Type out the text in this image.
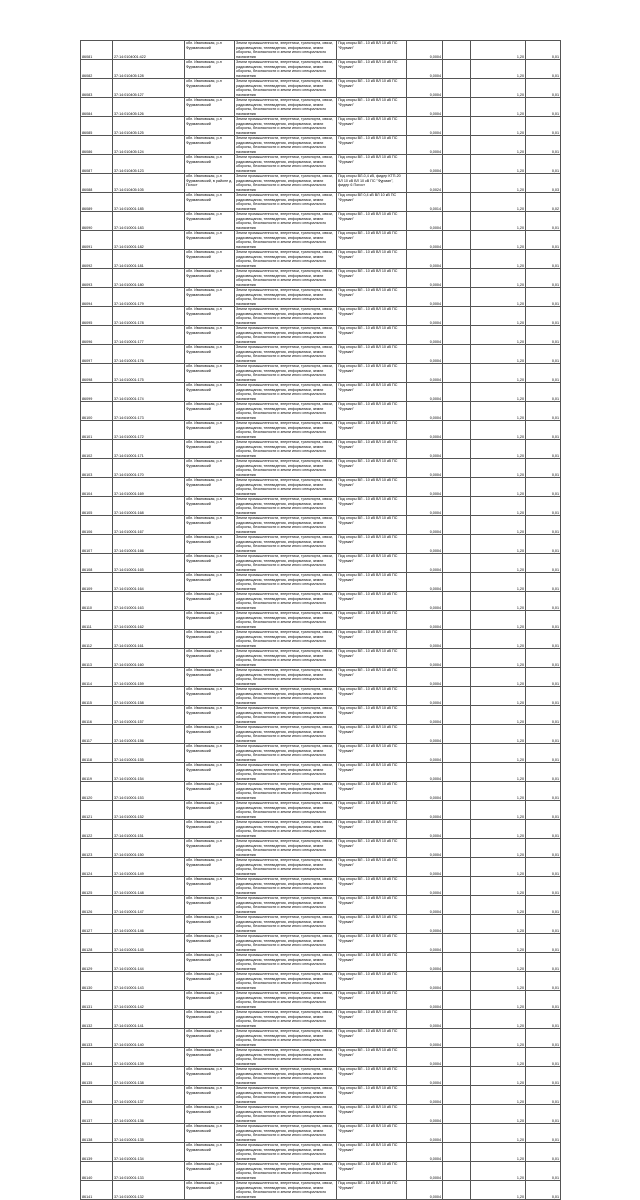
86081	27:14:0104001:422	обл. Ивановская, р-н Фурмановский	Земли промышленности, энергетики, транспорта, связи, радиовещания, телевидения, информатики, земли обороны, безопасности и земли иного специального назначения	Под опоры ВЛ - 10 кВ ВЛ 10 кВ ПС "Фурман"	0,0004		1,20	0,01
86082	37:14:010405:128	обл. Ивановская, р-н Фурмановский	Земли промышленности, энергетики, транспорта, связи, радиовещания, телевидения, информатики, земли обороны, безопасности и земли иного специального назначения	Под опоры ВЛ - 10 кВ ВЛ 10 кВ ПС "Фурман"	0,0004		1,20	0,01
86083	37:14:010405:127	обл. Ивановская, р-н Фурмановский	Земли промышленности, энергетики, транспорта, связи, радиовещания, телевидения, информатики, земли обороны, безопасности и земли иного специального назначения	Под опоры ВЛ - 10 кВ ВЛ 10 кВ ПС "Фурман"	0,0004		1,20	0,01
86084	37:14:010405:126	обл. Ивановская, р-н Фурмановский	Земли промышленности, энергетики, транспорта, связи, радиовещания, телевидения, информатики, земли обороны, безопасности и земли иного специального назначения	Под опоры ВЛ - 10 кВ ВЛ 10 кВ ПС "Фурман"	0,0004		1,20	0,01
86085	37:14:010405:125	обл. Ивановская, р-н Фурмановский	Земли промышленности, энергетики, транспорта, связи, радиовещания, телевидения, информатики, земли обороны, безопасности и земли иного специального назначения	Под опоры ВЛ - 10 кВ ВЛ 10 кВ ПС "Фурман"	0,0004		1,20	0,01
86086	37:14:010405:124	обл. Ивановская, р-н Фурмановский	Земли промышленности, энергетики, транспорта, связи, радиовещания, телевидения, информатики, земли обороны, безопасности и земли иного специального назначения	Под опоры ВЛ - 10 кВ ВЛ 10 кВ ПС "Фурман"	0,0004		1,20	0,01
86087	37:14:010405:123	обл. Ивановская, р-н Фурмановский	Земли промышленности, энергетики, транспорта, связи, радиовещания, телевидения, информатики, земли обороны, безопасности и земли иного специального назначения	Под опоры ВЛ - 10 кВ ВЛ 10 кВ ПС "Фурман"	0,0004		1,20	0,01
86088	37:14:010405:105	обл. Ивановская, р-н Фурмановский, в районе д. Погост	Земли промышленности, энергетики, транспорта, связи, радиовещания, телевидения, информатики, земли обороны, безопасности и земли иного специального назначения	Под опоры ВЛ-0,4 кВ, фидер КТП-20 ВЛ 10 кВ ВЛ 10 кВ ПС "Фурман", фидер 6 Погост	0,0024		1,20	0,03
86089	37:14:010001:185	обл. Ивановская, р-н Фурмановский	Земли промышленности, энергетики, транспорта, связи, радиовещания, телевидения, информатики, земли обороны, безопасности и земли иного специального назначения	Под опоры ВЛ 0,4 кВ ВЛ 10 кВ ПС "Фурман"	0,0014		1,20	0,02
86090	37:14:010001:183	обл. Ивановская, р-н Фурмановский	Земли промышленности, энергетики, транспорта, связи, радиовещания, телевидения, информатики, земли обороны, безопасности и земли иного специального назначения	Под опоры ВЛ - 10 кВ ВЛ 10 кВ ПС "Фурман"	0,0004		1,20	0,01
86091	37:14:010001:182	обл. Ивановская, р-н Фурмановский	Земли промышленности, энергетики, транспорта, связи, радиовещания, телевидения, информатики, земли обороны, безопасности и земли иного специального назначения	Под опоры ВЛ - 10 кВ ВЛ 10 кВ ПС "Фурман"	0,0004		1,20	0,01
86092	37:14:010001:181	обл. Ивановская, р-н Фурмановский	Земли промышленности, энергетики, транспорта, связи, радиовещания, телевидения, информатики, земли обороны, безопасности и земли иного специального назначения	Под опоры ВЛ - 10 кВ ВЛ 10 кВ ПС "Фурман"	0,0004		1,20	0,01
86093	37:14:010001:180	обл. Ивановская, р-н Фурмановский	Земли промышленности, энергетики, транспорта, связи, радиовещания, телевидения, информатики, земли обороны, безопасности и земли иного специального назначения	Под опоры ВЛ - 10 кВ ВЛ 10 кВ ПС "Фурман"	0,0004		1,20	0,01
86094	37:14:010001:179	обл. Ивановская, р-н Фурмановский	Земли промышленности, энергетики, транспорта, связи, радиовещания, телевидения, информатики, земли обороны, безопасности и земли иного специального назначения	Под опоры ВЛ - 10 кВ ВЛ 10 кВ ПС "Фурман"	0,0004		1,20	0,01
86095	37:14:010001:178	обл. Ивановская, р-н Фурмановский	Земли промышленности, энергетики, транспорта, связи, радиовещания, телевидения, информатики, земли обороны, безопасности и земли иного специального назначения	Под опоры ВЛ - 10 кВ ВЛ 10 кВ ПС "Фурман"	0,0004		1,20	0,01
86096	37:14:010001:177	обл. Ивановская, р-н Фурмановский	Земли промышленности, энергетики, транспорта, связи, радиовещания, телевидения, информатики, земли обороны, безопасности и земли иного специального назначения	Под опоры ВЛ - 10 кВ ВЛ 10 кВ ПС "Фурман"	0,0004		1,20	0,01
86097	37:14:010001:176	обл. Ивановская, р-н Фурмановский	Земли промышленности, энергетики, транспорта, связи, радиовещания, телевидения, информатики, земли обороны, безопасности и земли иного специального назначения	Под опоры ВЛ - 10 кВ ВЛ 10 кВ ПС "Фурман"	0,0004		1,20	0,01
86098	37:14:010001:175	обл. Ивановская, р-н Фурмановский	Земли промышленности, энергетики, транспорта, связи, радиовещания, телевидения, информатики, земли обороны, безопасности и земли иного специального назначения	Под опоры ВЛ - 10 кВ ВЛ 10 кВ ПС "Фурман"	0,0004		1,20	0,01
86099	37:14:010001:174	обл. Ивановская, р-н Фурмановский	Земли промышленности, энергетики, транспорта, связи, радиовещания, телевидения, информатики, земли обороны, безопасности и земли иного специального назначения	Под опоры ВЛ - 10 кВ ВЛ 10 кВ ПС "Фурман"	0,0004		1,20	0,01
86100	37:14:010001:173	обл. Ивановская, р-н Фурмановский	Земли промышленности, энергетики, транспорта, связи, радиовещания, телевидения, информатики, земли обороны, безопасности и земли иного специального назначения	Под опоры ВЛ - 10 кВ ВЛ 10 кВ ПС "Фурман"	0,0004		1,20	0,01
86101	37:14:010001:172	обл. Ивановская, р-н Фурмановский	Земли промышленности, энергетики, транспорта, связи, радиовещания, телевидения, информатики, земли обороны, безопасности и земли иного специального назначения	Под опоры ВЛ - 10 кВ ВЛ 10 кВ ПС "Фурман"	0,0004		1,20	0,01
86102	37:14:010001:171	обл. Ивановская, р-н Фурмановский	Земли промышленности, энергетики, транспорта, связи, радиовещания, телевидения, информатики, земли обороны, безопасности и земли иного специального назначения	Под опоры ВЛ - 10 кВ ВЛ 10 кВ ПС "Фурман"	0,0004		1,20	0,01
86103	37:14:010001:170	обл. Ивановская, р-н Фурмановский	Земли промышленности, энергетики, транспорта, связи, радиовещания, телевидения, информатики, земли обороны, безопасности и земли иного специального назначения	Под опоры ВЛ - 10 кВ ВЛ 10 кВ ПС "Фурман"	0,0004		1,20	0,01
86104	37:14:010001:169	обл. Ивановская, р-н Фурмановский	Земли промышленности, энергетики, транспорта, связи, радиовещания, телевидения, информатики, земли обороны, безопасности и земли иного специального назначения	Под опоры ВЛ - 10 кВ ВЛ 10 кВ ПС "Фурман"	0,0004		1,20	0,01
86105	37:14:010001:168	обл. Ивановская, р-н Фурмановский	Земли промышленности, энергетики, транспорта, связи, радиовещания, телевидения, информатики, земли обороны, безопасности и земли иного специального назначения	Под опоры ВЛ - 10 кВ ВЛ 10 кВ ПС "Фурман"	0,0004		1,20	0,01
86106	37:14:010001:167	обл. Ивановская, р-н Фурмановский	Земли промышленности, энергетики, транспорта, связи, радиовещания, телевидения, информатики, земли обороны, безопасности и земли иного специального назначения	Под опоры ВЛ - 10 кВ ВЛ 10 кВ ПС "Фурман"	0,0004		1,20	0,01
86107	37:14:010001:166	обл. Ивановская, р-н Фурмановский	Земли промышленности, энергетики, транспорта, связи, радиовещания, телевидения, информатики, земли обороны, безопасности и земли иного специального назначения	Под опоры ВЛ - 10 кВ ВЛ 10 кВ ПС "Фурман"	0,0004		1,20	0,01
86108	37:14:010001:165	обл. Ивановская, р-н Фурмановский	Земли промышленности, энергетики, транспорта, связи, радиовещания, телевидения, информатики, земли обороны, безопасности и земли иного специального назначения	Под опоры ВЛ - 10 кВ ВЛ 10 кВ ПС "Фурман"	0,0004		1,20	0,01
86109	37:14:010001:164	обл. Ивановская, р-н Фурмановский	Земли промышленности, энергетики, транспорта, связи, радиовещания, телевидения, информатики, земли обороны, безопасности и земли иного специального назначения	Под опоры ВЛ - 10 кВ ВЛ 10 кВ ПС "Фурман"	0,0004		1,20	0,01
86110	37:14:010001:163	обл. Ивановская, р-н Фурмановский	Земли промышленности, энергетики, транспорта, связи, радиовещания, телевидения, информатики, земли обороны, безопасности и земли иного специального назначения	Под опоры ВЛ - 10 кВ ВЛ 10 кВ ПС "Фурман"	0,0004		1,20	0,01
86111	37:14:010001:162	обл. Ивановская, р-н Фурмановский	Земли промышленности, энергетики, транспорта, связи, радиовещания, телевидения, информатики, земли обороны, безопасности и земли иного специального назначения	Под опоры ВЛ - 10 кВ ВЛ 10 кВ ПС "Фурман"	0,0004		1,20	0,01
86112	37:14:010001:161	обл. Ивановская, р-н Фурмановский	Земли промышленности, энергетики, транспорта, связи, радиовещания, телевидения, информатики, земли обороны, безопасности и земли иного специального назначения	Под опоры ВЛ - 10 кВ ВЛ 10 кВ ПС "Фурман"	0,0004		1,20	0,01
86113	37:14:010001:160	обл. Ивановская, р-н Фурмановский	Земли промышленности, энергетики, транспорта, связи, радиовещания, телевидения, информатики, земли обороны, безопасности и земли иного специального назначения	Под опоры ВЛ - 10 кВ ВЛ 10 кВ ПС "Фурман"	0,0004		1,20	0,01
86114	37:14:010001:159	обл. Ивановская, р-н Фурмановский	Земли промышленности, энергетики, транспорта, связи, радиовещания, телевидения, информатики, земли обороны, безопасности и земли иного специального назначения	Под опоры ВЛ - 10 кВ ВЛ 10 кВ ПС "Фурман"	0,0004		1,20	0,01
86115	37:14:010001:158	обл. Ивановская, р-н Фурмановский	Земли промышленности, энергетики, транспорта, связи, радиовещания, телевидения, информатики, земли обороны, безопасности и земли иного специального назначения	Под опоры ВЛ - 10 кВ ВЛ 10 кВ ПС "Фурман"	0,0004		1,20	0,01
86116	37:14:010001:157	обл. Ивановская, р-н Фурмановский	Земли промышленности, энергетики, транспорта, связи, радиовещания, телевидения, информатики, земли обороны, безопасности и земли иного специального назначения	Под опоры ВЛ - 10 кВ ВЛ 10 кВ ПС "Фурман"	0,0004		1,20	0,01
86117	37:14:010001:156	обл. Ивановская, р-н Фурмановский	Земли промышленности, энергетики, транспорта, связи, радиовещания, телевидения, информатики, земли обороны, безопасности и земли иного специального назначения	Под опоры ВЛ - 10 кВ ВЛ 10 кВ ПС "Фурман"	0,0004		1,20	0,01
86118	37:14:010001:155	обл. Ивановская, р-н Фурмановский	Земли промышленности, энергетики, транспорта, связи, радиовещания, телевидения, информатики, земли обороны, безопасности и земли иного специального назначения	Под опоры ВЛ - 10 кВ ВЛ 10 кВ ПС "Фурман"	0,0004		1,20	0,01
86119	37:14:010001:154	обл. Ивановская, р-н Фурмановский	Земли промышленности, энергетики, транспорта, связи, радиовещания, телевидения, информатики, земли обороны, безопасности и земли иного специального назначения	Под опоры ВЛ - 10 кВ ВЛ 10 кВ ПС "Фурман"	0,0004		1,20	0,01
86120	37:14:010001:153	обл. Ивановская, р-н Фурмановский	Земли промышленности, энергетики, транспорта, связи, радиовещания, телевидения, информатики, земли обороны, безопасности и земли иного специального назначения	Под опоры ВЛ - 10 кВ ВЛ 10 кВ ПС "Фурман"	0,0004		1,20	0,01
86121	37:14:010001:152	обл. Ивановская, р-н Фурмановский	Земли промышленности, энергетики, транспорта, связи, радиовещания, телевидения, информатики, земли обороны, безопасности и земли иного специального назначения	Под опоры ВЛ - 10 кВ ВЛ 10 кВ ПС "Фурман"	0,0004		1,20	0,01
86122	37:14:010001:151	обл. Ивановская, р-н Фурмановский	Земли промышленности, энергетики, транспорта, связи, радиовещания, телевидения, информатики, земли обороны, безопасности и земли иного специального назначения	Под опоры ВЛ - 10 кВ ВЛ 10 кВ ПС "Фурман"	0,0004		1,20	0,01
86123	37:14:010001:150	обл. Ивановская, р-н Фурмановский	Земли промышленности, энергетики, транспорта, связи, радиовещания, телевидения, информатики, земли обороны, безопасности и земли иного специального назначения	Под опоры ВЛ - 10 кВ ВЛ 10 кВ ПС "Фурман"	0,0004		1,20	0,01
86124	37:14:010001:149	обл. Ивановская, р-н Фурмановский	Земли промышленности, энергетики, транспорта, связи, радиовещания, телевидения, информатики, земли обороны, безопасности и земли иного специального назначения	Под опоры ВЛ - 10 кВ ВЛ 10 кВ ПС "Фурман"	0,0004		1,20	0,01
86125	37:14:010001:148	обл. Ивановская, р-н Фурмановский	Земли промышленности, энергетики, транспорта, связи, радиовещания, телевидения, информатики, земли обороны, безопасности и земли иного специального назначения	Под опоры ВЛ - 10 кВ ВЛ 10 кВ ПС "Фурман"	0,0004		1,20	0,01
86126	37:14:010001:147	обл. Ивановская, р-н Фурмановский	Земли промышленности, энергетики, транспорта, связи, радиовещания, телевидения, информатики, земли обороны, безопасности и земли иного специального назначения	Под опоры ВЛ - 10 кВ ВЛ 10 кВ ПС "Фурман"	0,0004		1,20	0,01
86127	37:14:010001:146	обл. Ивановская, р-н Фурмановский	Земли промышленности, энергетики, транспорта, связи, радиовещания, телевидения, информатики, земли обороны, безопасности и земли иного специального назначения	Под опоры ВЛ - 10 кВ ВЛ 10 кВ ПС "Фурман"	0,0004		1,20	0,01
86128	37:14:010001:145	обл. Ивановская, р-н Фурмановский	Земли промышленности, энергетики, транспорта, связи, радиовещания, телевидения, информатики, земли обороны, безопасности и земли иного специального назначения	Под опоры ВЛ - 10 кВ ВЛ 10 кВ ПС "Фурман"	0,0004		1,20	0,01
86129	37:14:010001:144	обл. Ивановская, р-н Фурмановский	Земли промышленности, энергетики, транспорта, связи, радиовещания, телевидения, информатики, земли обороны, безопасности и земли иного специального назначения	Под опоры ВЛ - 10 кВ ВЛ 10 кВ ПС "Фурман"	0,0004		1,20	0,01
86130	37:14:010001:143	обл. Ивановская, р-н Фурмановский	Земли промышленности, энергетики, транспорта, связи, радиовещания, телевидения, информатики, земли обороны, безопасности и земли иного специального назначения	Под опоры ВЛ - 10 кВ ВЛ 10 кВ ПС "Фурман"	0,0004		1,20	0,01
86131	37:14:010001:142	обл. Ивановская, р-н Фурмановский	Земли промышленности, энергетики, транспорта, связи, радиовещания, телевидения, информатики, земли обороны, безопасности и земли иного специального назначения	Под опоры ВЛ - 10 кВ ВЛ 10 кВ ПС "Фурман"	0,0004		1,20	0,01
86132	37:14:010001:141	обл. Ивановская, р-н Фурмановский	Земли промышленности, энергетики, транспорта, связи, радиовещания, телевидения, информатики, земли обороны, безопасности и земли иного специального назначения	Под опоры ВЛ - 10 кВ ВЛ 10 кВ ПС "Фурман"	0,0004		1,20	0,01
86133	37:14:010001:140	обл. Ивановская, р-н Фурмановский	Земли промышленности, энергетики, транспорта, связи, радиовещания, телевидения, информатики, земли обороны, безопасности и земли иного специального назначения	Под опоры ВЛ - 10 кВ ВЛ 10 кВ ПС "Фурман"	0,0004		1,20	0,01
86134	37:14:010001:139	обл. Ивановская, р-н Фурмановский	Земли промышленности, энергетики, транспорта, связи, радиовещания, телевидения, информатики, земли обороны, безопасности и земли иного специального назначения	Под опоры ВЛ - 10 кВ ВЛ 10 кВ ПС "Фурман"	0,0004		1,20	0,01
86135	37:14:010001:138	обл. Ивановская, р-н Фурмановский	Земли промышленности, энергетики, транспорта, связи, радиовещания, телевидения, информатики, земли обороны, безопасности и земли иного специального назначения	Под опоры ВЛ - 10 кВ ВЛ 10 кВ ПС "Фурман"	0,0004		1,20	0,01
86136	37:14:010001:137	обл. Ивановская, р-н Фурмановский	Земли промышленности, энергетики, транспорта, связи, радиовещания, телевидения, информатики, земли обороны, безопасности и земли иного специального назначения	Под опоры ВЛ - 10 кВ ВЛ 10 кВ ПС "Фурман"	0,0004		1,20	0,01
86137	37:14:010001:136	обл. Ивановская, р-н Фурмановский	Земли промышленности, энергетики, транспорта, связи, радиовещания, телевидения, информатики, земли обороны, безопасности и земли иного специального назначения	Под опоры ВЛ - 10 кВ ВЛ 10 кВ ПС "Фурман"	0,0004		1,20	0,01
86138	37:14:010001:135	обл. Ивановская, р-н Фурмановский	Земли промышленности, энергетики, транспорта, связи, радиовещания, телевидения, информатики, земли обороны, безопасности и земли иного специального назначения	Под опоры ВЛ - 10 кВ ВЛ 10 кВ ПС "Фурман"	0,0004		1,20	0,01
86139	37:14:010001:134	обл. Ивановская, р-н Фурмановский	Земли промышленности, энергетики, транспорта, связи, радиовещания, телевидения, информатики, земли обороны, безопасности и земли иного специального назначения	Под опоры ВЛ - 10 кВ ВЛ 10 кВ ПС "Фурман"	0,0004		1,20	0,01
86140	37:14:010001:133	обл. Ивановская, р-н Фурмановский	Земли промышленности, энергетики, транспорта, связи, радиовещания, телевидения, информатики, земли обороны, безопасности и земли иного специального назначения	Под опоры ВЛ - 10 кВ ВЛ 10 кВ ПС "Фурман"	0,0004		1,20	0,01
86141	37:14:010001:132	обл. Ивановская, р-н Фурмановский	Земли промышленности, энергетики, транспорта, связи, радиовещания, телевидения, информатики, земли обороны, безопасности и земли иного специального назначения	Под опоры ВЛ - 10 кВ ВЛ 10 кВ ПС "Фурман"	0,0004		1,20	0,01
